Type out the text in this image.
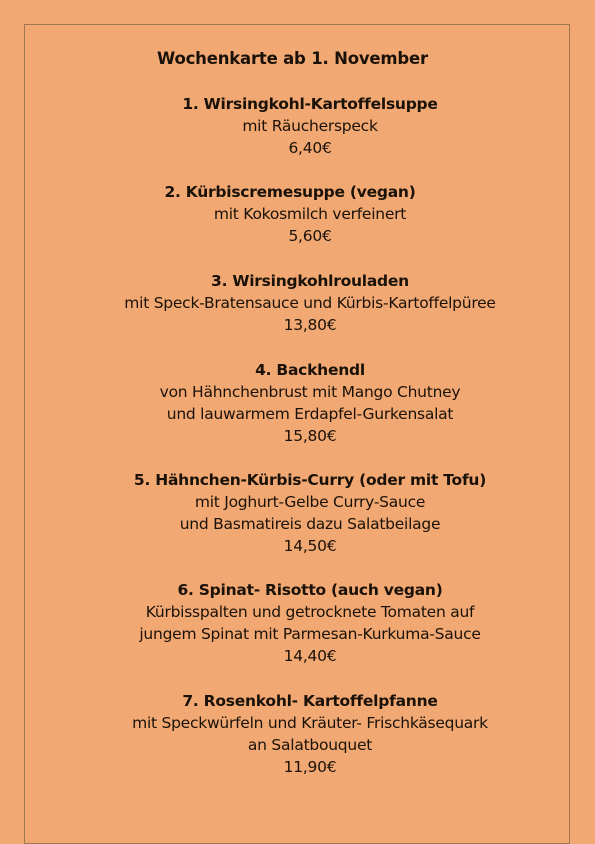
Wochenkarte ab 1. November
1. Wirsingkohl-Kartoffelsuppe
mit Räucherspeck
6,40€
2. Kürbiscremesuppe (vegan)
mit Kokosmilch verfeinert
5,60€
3. Wirsingkohlrouladen
mit Speck-Bratensauce und Kürbis-Kartoffelpüree
13,80€
4. Backhendl
von Hähnchenbrust mit Mango Chutney
und lauwarmem Erdapfel-Gurkensalat
15,80€
5. Hähnchen-Kürbis-Curry (oder mit Tofu)
mit Joghurt-Gelbe Curry-Sauce
und Basmatireis dazu Salatbeilage
14,50€
6. Spinat- Risotto (auch vegan)
Kürbisspalten und getrocknete Tomaten auf
jungem Spinat mit Parmesan-Kurkuma-Sauce
14,40€
7. Rosenkohl- Kartoffelpfanne
mit Speckwürfeln und Kräuter- Frischkäsequark
an Salatbouquet
11,90€
